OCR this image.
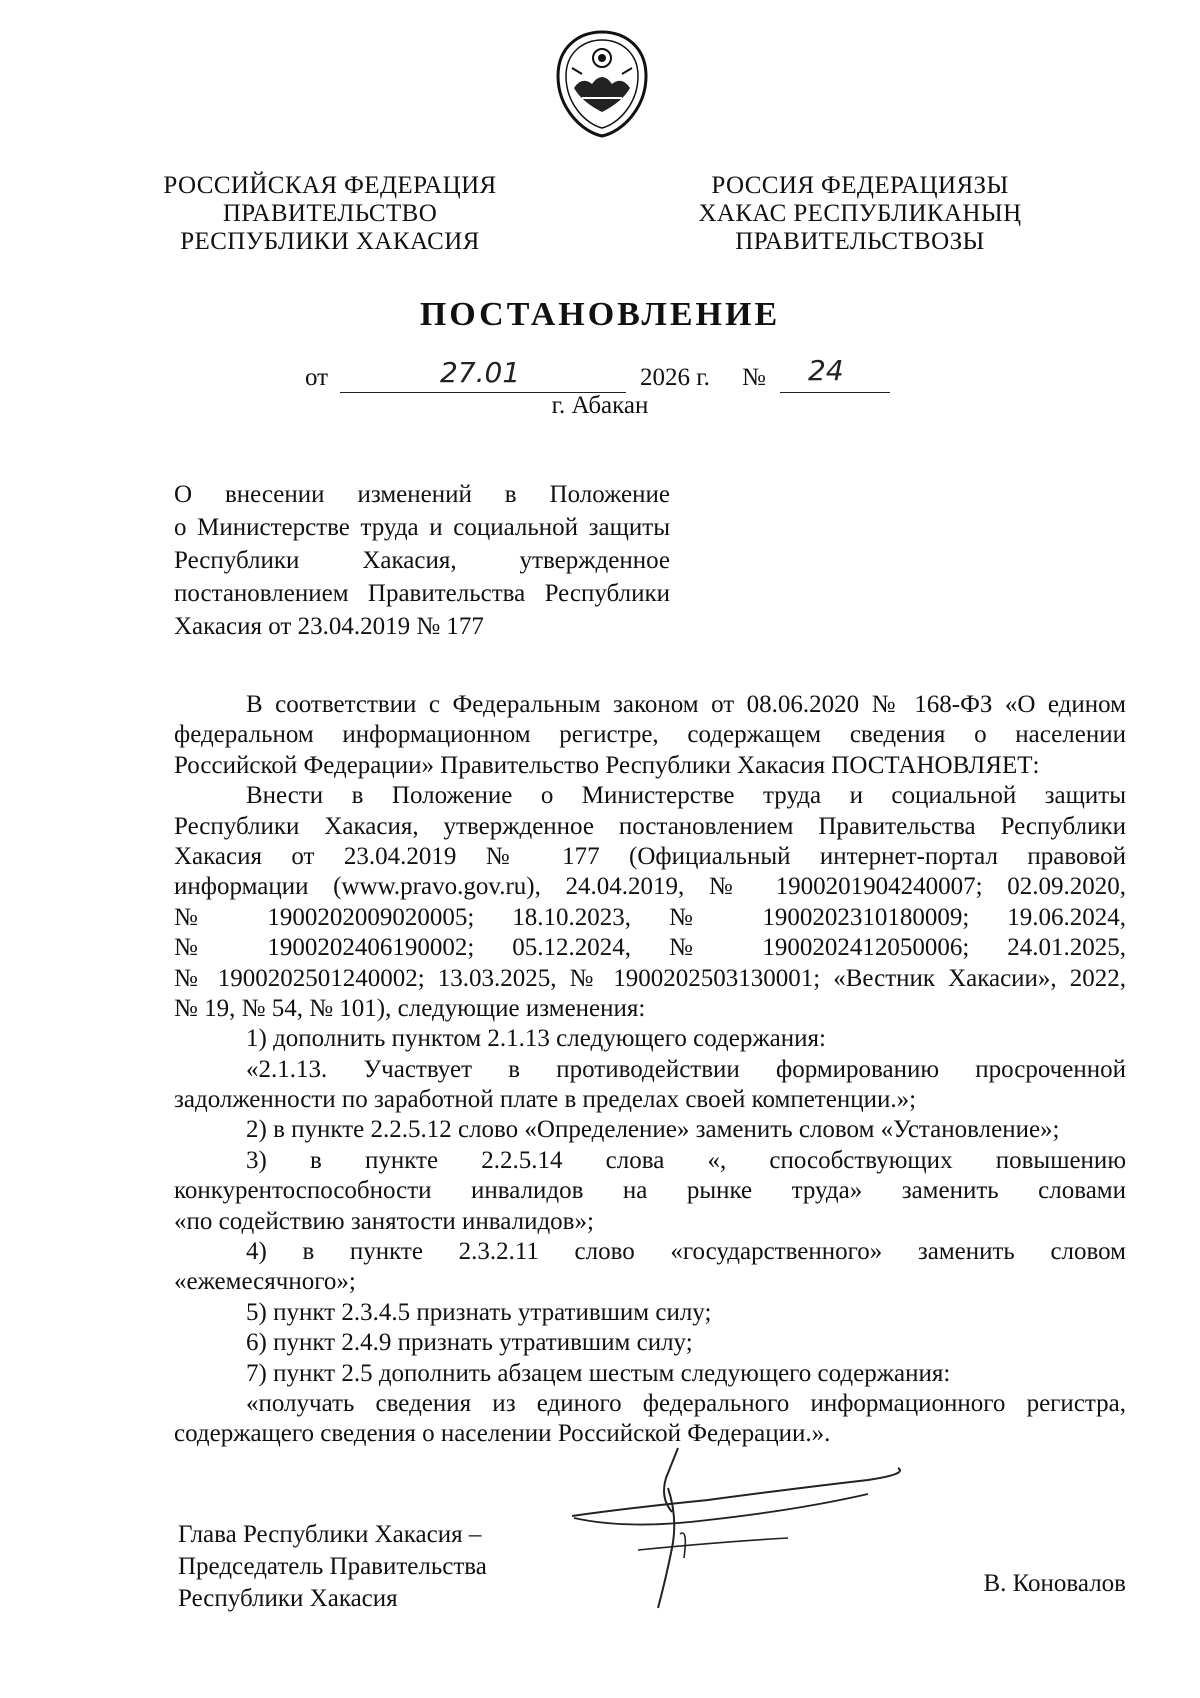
РОССИЙСКАЯ ФЕДЕРАЦИЯ
ПРАВИТЕЛЬСТВО
РЕСПУБЛИКИ ХАКАСИЯ
РОССИЯ ФЕДЕРАЦИЯЗЫ
ХАКАС РЕСПУБЛИКАНЫҢ
ПРАВИТЕЛЬСТВОЗЫ
ПОСТАНОВЛЕНИЕ
от	27.01	2026 г. № 24
г. Абакан
О внесении изменений в Положение
о Министерстве труда и социальной защиты
Республики Хакасия, утвержденное
постановлением Правительства Республики
Хакасия от 23.04.2019 № 177
В соответствии с Федеральным законом от 08.06.2020 № 168-ФЗ «О едином
федеральном информационном регистре, содержащем сведения о населении
Российской Федерации» Правительство Республики Хакасия ПОСТАНОВЛЯЕТ:
Внести в Положение о Министерстве труда и социальной защиты
Республики Хакасия, утвержденное постановлением Правительства Республики
Хакасия от 23.04.2019 № 177 (Официальный интернет-портал правовой
информации (www.pravo.gov.ru), 24.04.2019, № 1900201904240007; 02.09.2020,
№ 1900202009020005; 18.10.2023, № 1900202310180009; 19.06.2024,
№ 1900202406190002; 05.12.2024, № 1900202412050006; 24.01.2025,
№ 1900202501240002; 13.03.2025, № 1900202503130001; «Вестник Хакасии», 2022,
№ 19, № 54, № 101), следующие изменения:
1) дополнить пунктом 2.1.13 следующего содержания:
«2.1.13. Участвует в противодействии формированию просроченной
задолженности по заработной плате в пределах своей компетенции.»;
2) в пункте 2.2.5.12 слово «Определение» заменить словом «Установление»;
3) в пункте 2.2.5.14 слова «, способствующих повышению
конкурентоспособности инвалидов на рынке труда» заменить словами
«по содействию занятости инвалидов»;
4) в пункте 2.3.2.11 слово «государственного» заменить словом
«ежемесячного»;
5) пункт 2.3.4.5 признать утратившим силу;
6) пункт 2.4.9 признать утратившим силу;
7) пункт 2.5 дополнить абзацем шестым следующего содержания:
«получать сведения из единого федерального информационного регистра,
содержащего сведения о населении Российской Федерации.».
Глава Республики Хакасия –
Председатель Правительства
Республики Хакасия
В. Коновалов
